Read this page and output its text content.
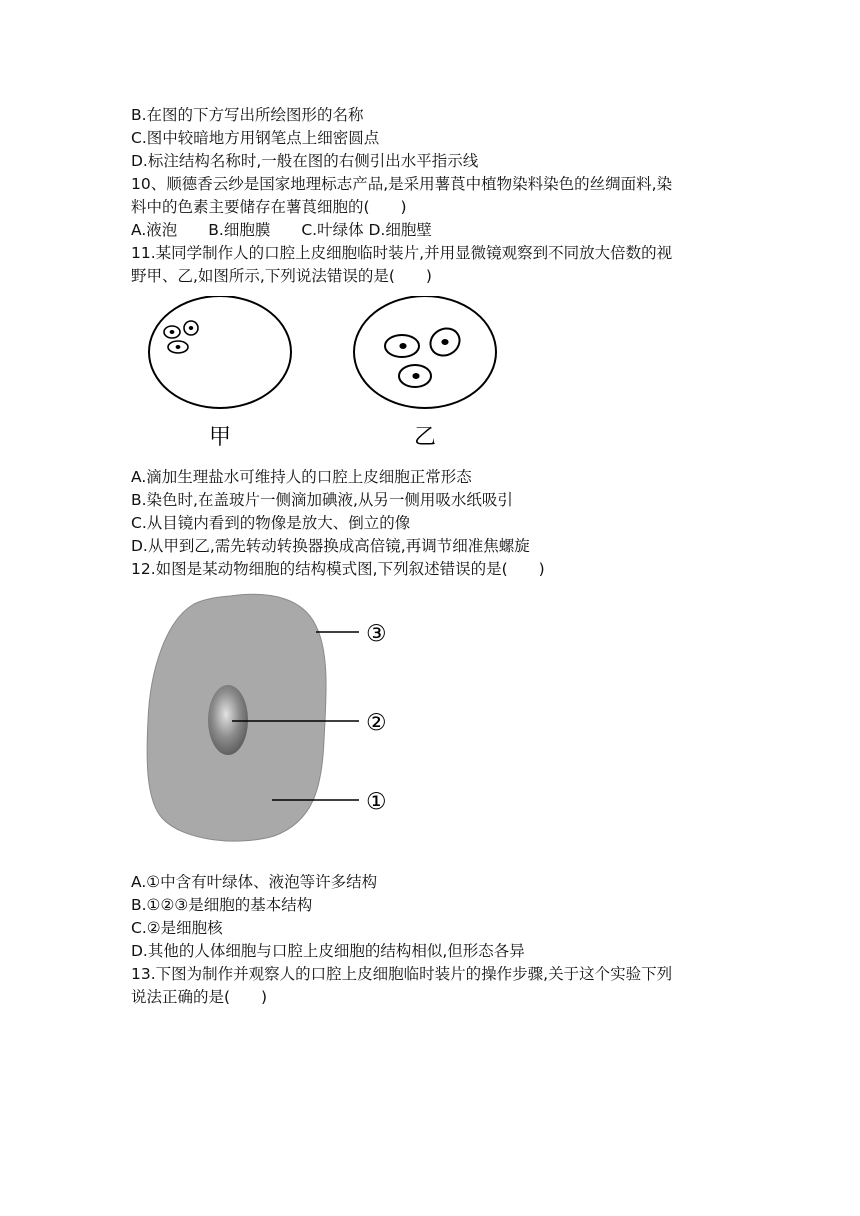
B.在图的下方写出所绘图形的名称
C.图中较暗地方用钢笔点上细密圆点
D.标注结构名称时,一般在图的右侧引出水平指示线
10、顺德香云纱是国家地理标志产品,是采用薯莨中植物染料染色的丝绸面料,染
料中的色素主要储存在薯莨细胞的(　　)
A.液泡　　B.细胞膜　　C.叶绿体 D.细胞壁
11.某同学制作人的口腔上皮细胞临时装片,并用显微镜观察到不同放大倍数的视
野甲、乙,如图所示,下列说法错误的是(　　)
甲	乙
A.滴加生理盐水可维持人的口腔上皮细胞正常形态
B.染色时,在盖玻片一侧滴加碘液,从另一侧用吸水纸吸引
C.从目镜内看到的物像是放大、倒立的像
D.从甲到乙,需先转动转换器换成高倍镜,再调节细准焦螺旋
12.如图是某动物细胞的结构模式图,下列叙述错误的是(　　)
③
②
①
A.①中含有叶绿体、液泡等许多结构
B.①②③是细胞的基本结构
C.②是细胞核
D.其他的人体细胞与口腔上皮细胞的结构相似,但形态各异
13.下图为制作并观察人的口腔上皮细胞临时装片的操作步骤,关于这个实验下列
说法正确的是(　　)
